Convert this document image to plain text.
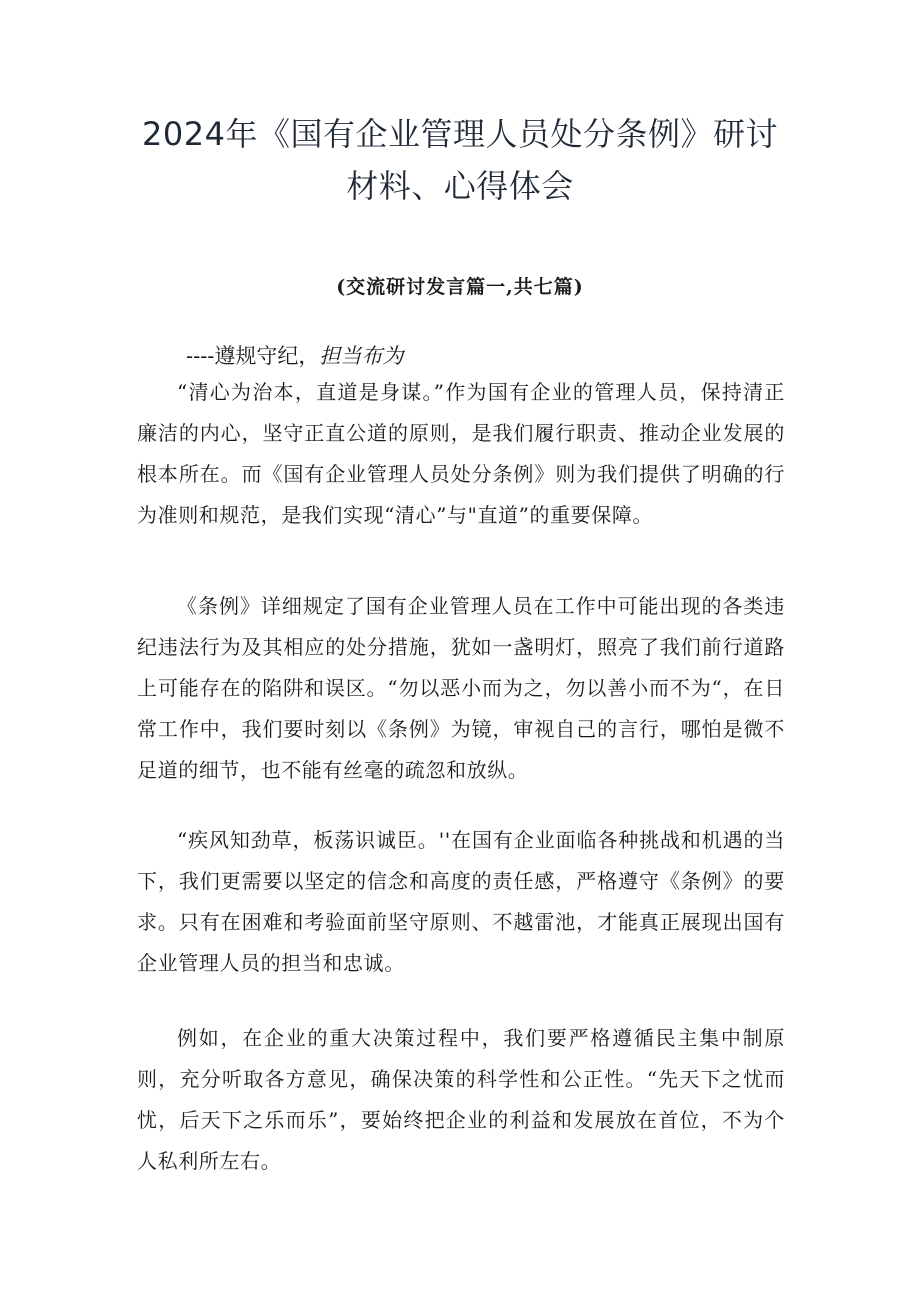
2024年《国有企业管理人员处分条例》研讨材料、心得体会
(交流研讨发言篇一,共七篇)
----遵规守纪，担当布为

“清心为治本，直道是身谋。”作为国有企业的管理人员，保持清正廉洁的内心，坚守正直公道的原则，是我们履行职责、推动企业发展的根本所在。而《国有企业管理人员处分条例》则为我们提供了明确的行为准则和规范，是我们实现“清心”与"直道”的重要保障。

《条例》详细规定了国有企业管理人员在工作中可能出现的各类违纪违法行为及其相应的处分措施，犹如一盏明灯，照亮了我们前行道路上可能存在的陷阱和误区。“勿以恶小而为之，勿以善小而不为“，在日常工作中，我们要时刻以《条例》为镜，审视自己的言行，哪怕是微不足道的细节，也不能有丝毫的疏忽和放纵。

“疾风知劲草，板荡识诚臣。''在国有企业面临各种挑战和机遇的当下，我们更需要以坚定的信念和高度的责任感，严格遵守《条例》的要求。只有在困难和考验面前坚守原则、不越雷池，才能真正展现出国有企业管理人员的担当和忠诚。

例如，在企业的重大决策过程中，我们要严格遵循民主集中制原则，充分听取各方意见，确保决策的科学性和公正性。“先天下之忧而忧，后天下之乐而乐”，要始终把企业的利益和发展放在首位，不为个人私利所左右。
